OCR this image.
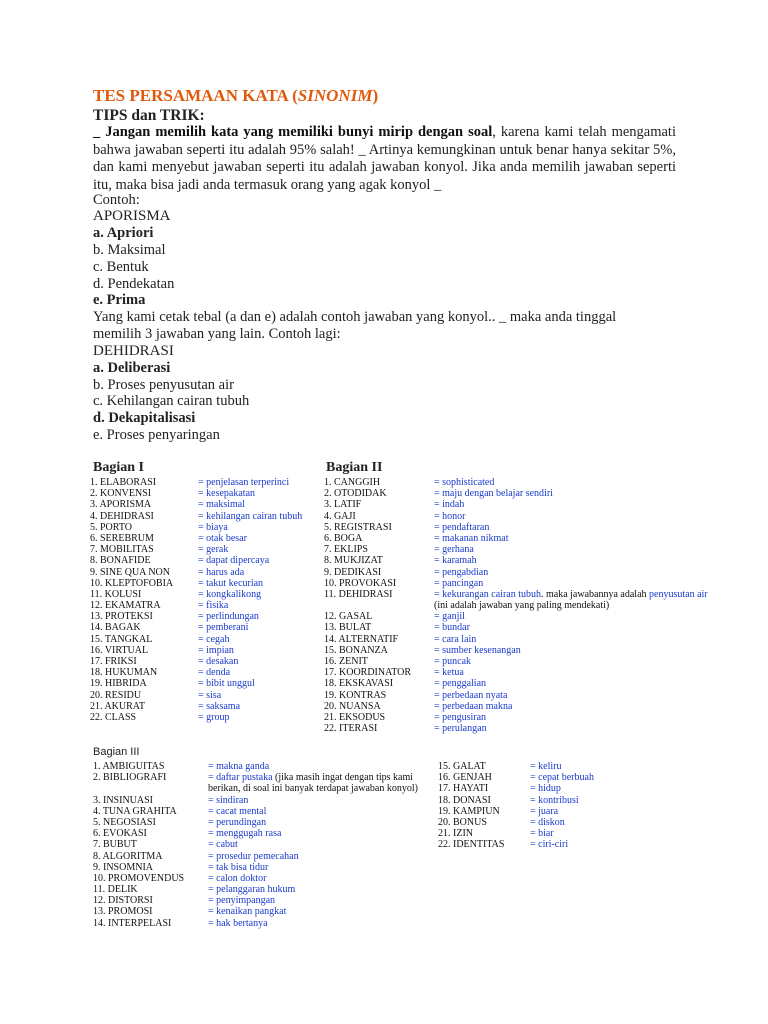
TES PERSAMAAN KATA (SINONIM)
TIPS dan TRIK:
_ Jangan memilih kata yang memiliki bunyi mirip dengan soal, karena kami telah mengamati bahwa jawaban seperti itu adalah 95% salah! _ Artinya kemungkinan untuk benar hanya sekitar 5%, dan kami menyebut jawaban seperti itu adalah jawaban konyol. Jika anda memilih jawaban seperti itu, maka bisa jadi anda termasuk orang yang agak konyol _
Contoh:
APORISMA
a. Apriori
b. Maksimal
c. Bentuk
d. Pendekatan
e. Prima
Yang kami cetak tebal (a dan e) adalah contoh jawaban yang konyol.. _ maka anda tinggal
memilih 3 jawaban yang lain. Contoh lagi:
DEHIDRASI
a. Deliberasi
b. Proses penyusutan air
c. Kehilangan cairan tubuh
d. Dekapitalisasi
e. Proses penyaringan
Bagian I	Bagian II
1. ELABORASI	= penjelasan terperinci
2. KONVENSI	= kesepakatan
3. APORISMA	= maksimal
4. DEHIDRASI	= kehilangan cairan tubuh
5. PORTO	= biaya
6. SEREBRUM	= otak besar
7. MOBILITAS	= gerak
8. BONAFIDE	= dapat dipercaya
9. SINE QUA NON	= harus ada
10. KLEPTOFOBIA = takut kecurian
11. KOLUSI	= kongkalikong
12. EKAMATRA	= fisika
13. PROTEKSI	= perlindungan
14. BAGAK	= pemberani
15. TANGKAL	= cegah
16. VIRTUAL	= impian
17. FRIKSI	= desakan
18. HUKUMAN	= denda
19. HIBRIDA	= bibit unggul
20. RESIDU	= sisa
21. AKURAT	= saksama
22. CLASS	= group
1. CANGGIH	= sophisticated
2. OTODIDAK	= maju dengan belajar sendiri
3. LATIF	= indah
4. GAJI	= honor
5. REGISTRASI	= pendaftaran
6. BOGA	= makanan nikmat
7. EKLIPS	= gerhana
8. MUKJIZAT	= karamah
9. DEDIKASI	= pengabdian
10. PROVOKASI	= pancingan
11. DEHIDRASI	= kekurangan cairan tubuh. maka jawabannya adalah penyusutan air
(ini adalah jawaban yang paling mendekati)
12. GASAL	= ganjil
13. BULAT	= bundar
14. ALTERNATIF	= cara lain
15. BONANZA	= sumber kesenangan
16. ZENIT	= puncak
17. KOORDINATOR = ketua
18. EKSKAVASI	= penggalian
19. KONTRAS	= perbedaan nyata
20. NUANSA	= perbedaan makna
21. EKSODUS	= pengusiran
22. ITERASI	= perulangan
Bagian III
1. AMBIGUITAS	= makna ganda
2. BIBLIOGRAFI	= daftar pustaka (jika masih ingat dengan tips kami
berikan, di soal ini banyak terdapat jawaban konyol)
3. INSINUASI	= sindiran
4. TUNA GRAHITA	= cacat mental
5. NEGOSIASI	= perundingan
6. EVOKASI	= menggugah rasa
7. BUBUT	= cabut
8. ALGORITMA	= prosedur pemecahan
9. INSOMNIA	= tak bisa tidur
10. PROMOVENDUS = calon doktor
11. DELIK	= pelanggaran hukum
12. DISTORSI	= penyimpangan
13. PROMOSI	= kenaikan pangkat
14. INTERPELASI	= hak bertanya
15. GALAT	= keliru
16. GENJAH	= cepat berbuah
17. HAYATI	= hidup
18. DONASI	= kontribusi
19. KAMPIUN	= juara
20. BONUS	= diskon
21. IZIN	= biar
22. IDENTITAS	= ciri-ciri
